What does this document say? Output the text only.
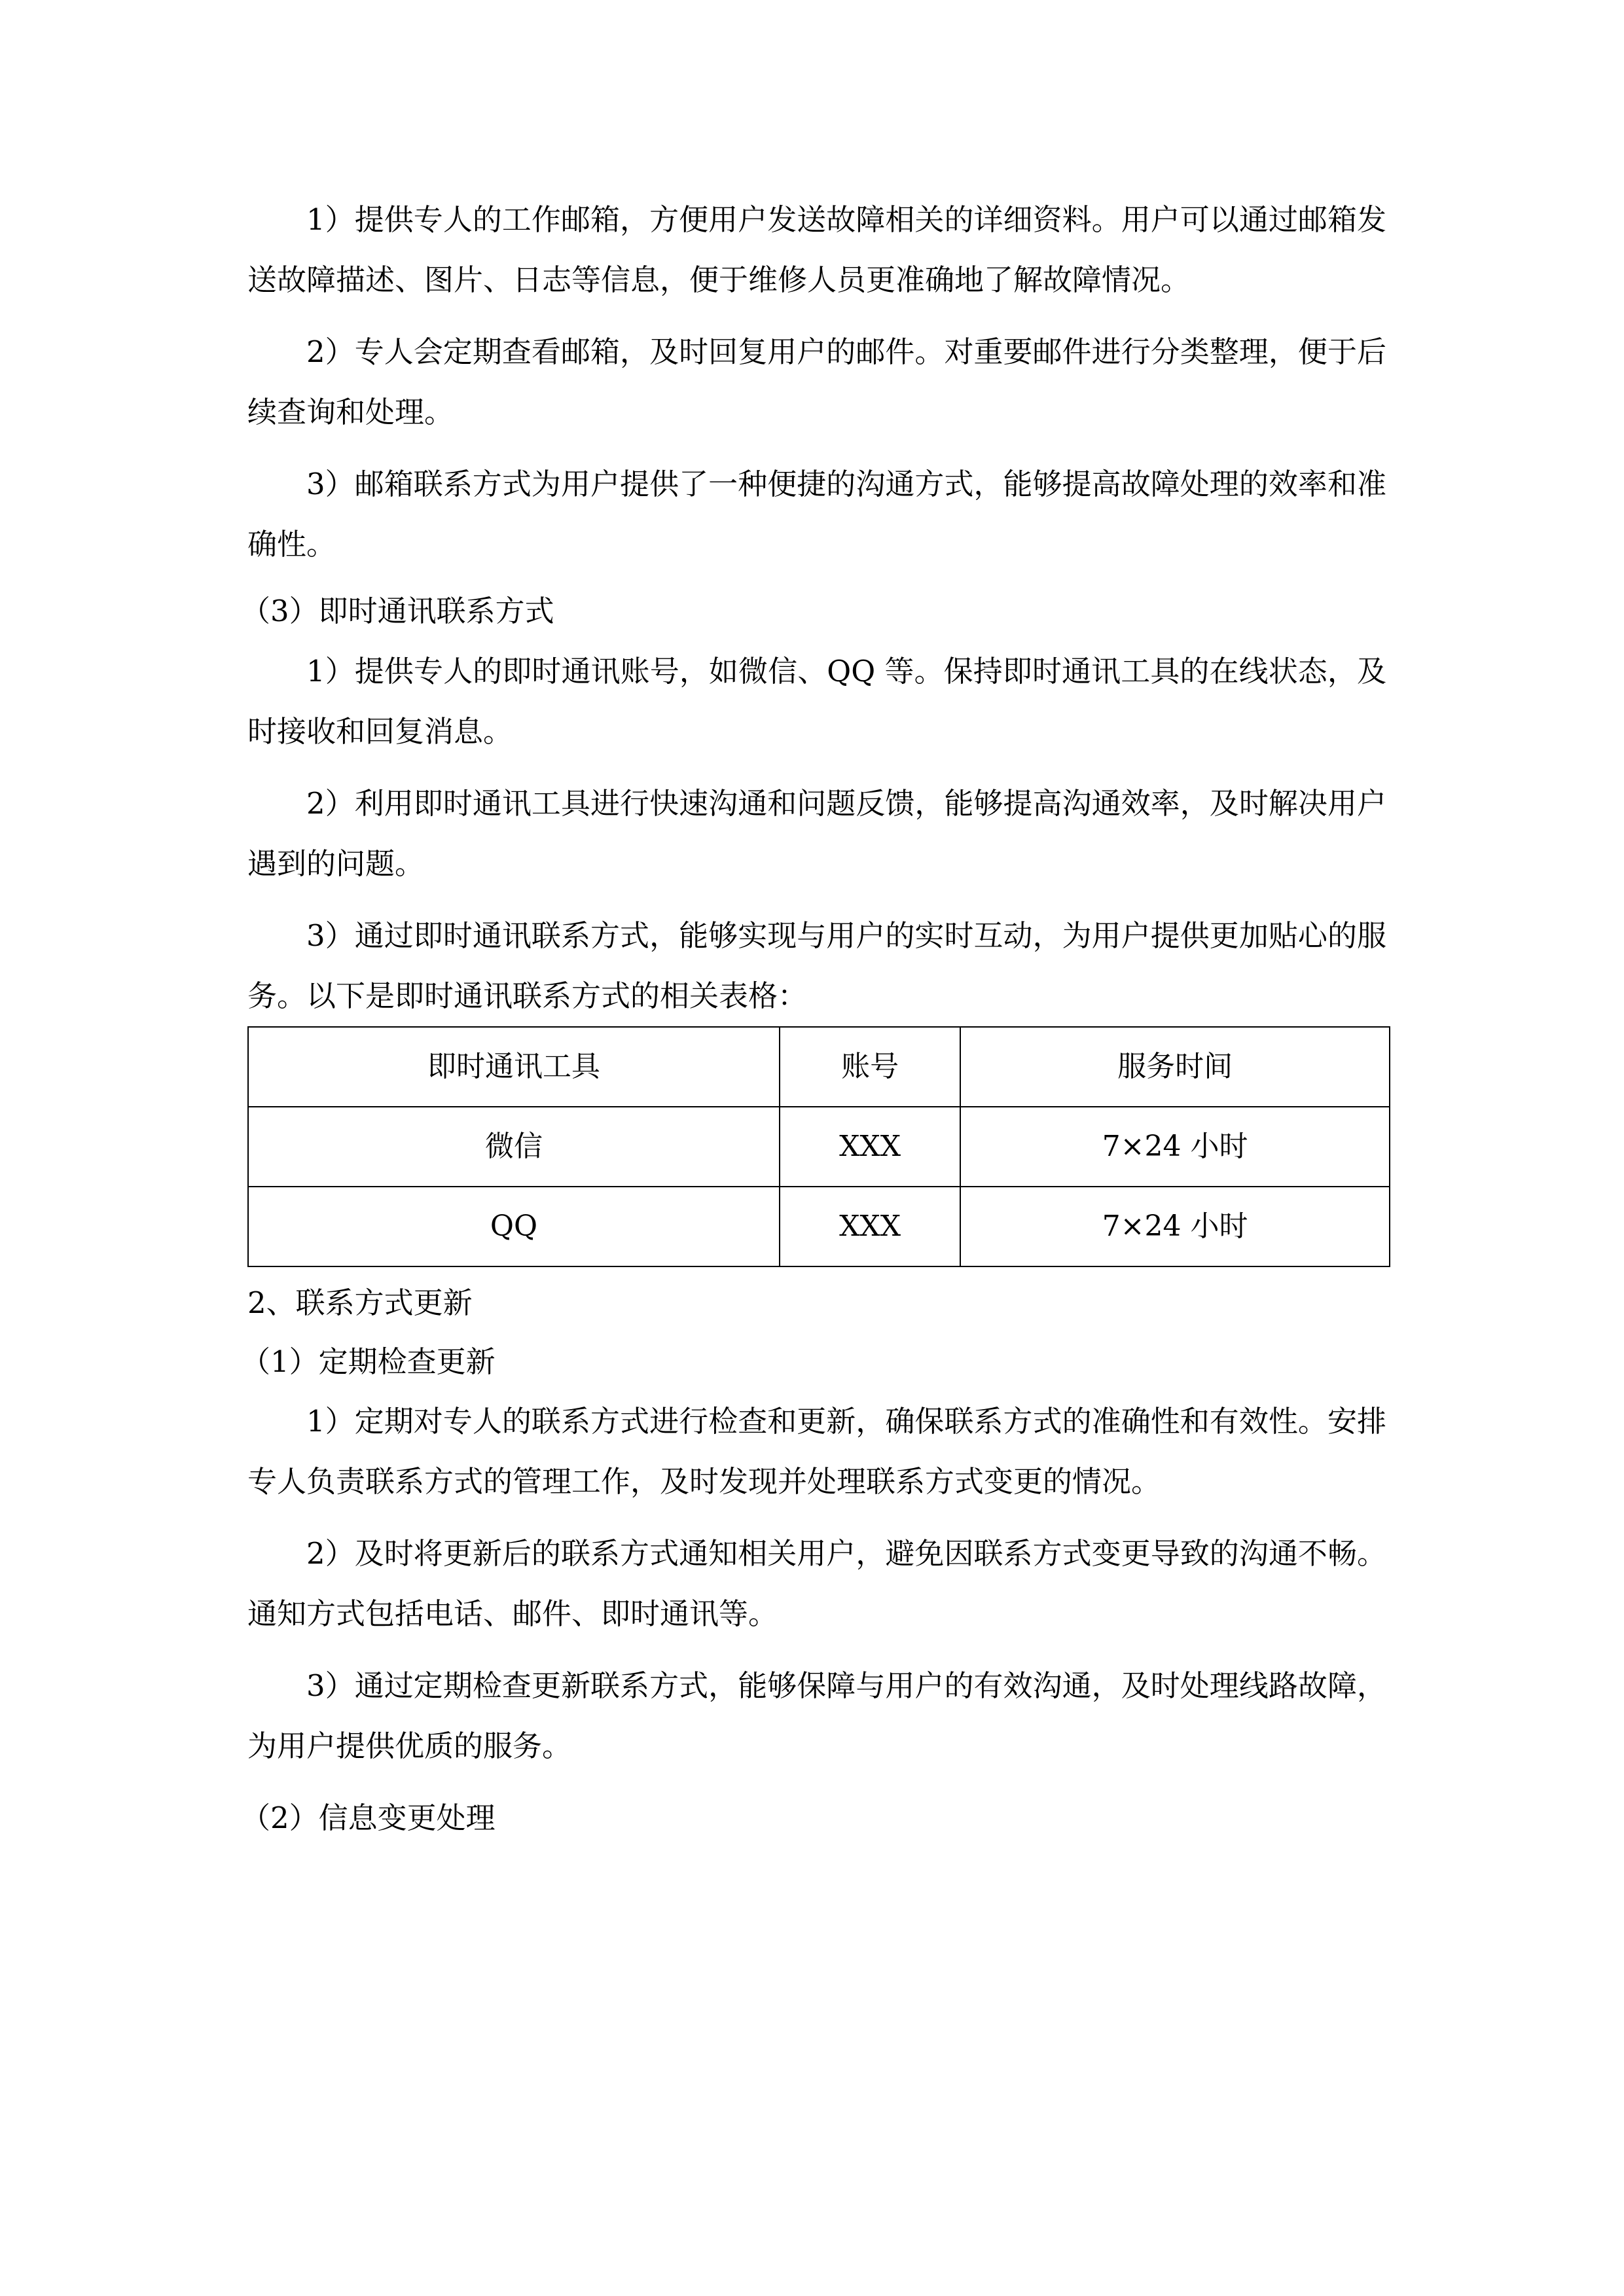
1）提供专人的工作邮箱，方便用户发送故障相关的详细资料。用户可以通过邮箱发送故障描述、图片、日志等信息，便于维修人员更准确地了解故障情况。

2）专人会定期查看邮箱，及时回复用户的邮件。对重要邮件进行分类整理，便于后续查询和处理。

3）邮箱联系方式为用户提供了一种便捷的沟通方式，能够提高故障处理的效率和准确性。

（3）即时通讯联系方式

1）提供专人的即时通讯账号，如微信、QQ 等。保持即时通讯工具的在线状态，及时接收和回复消息。

2）利用即时通讯工具进行快速沟通和问题反馈，能够提高沟通效率，及时解决用户遇到的问题。

3）通过即时通讯联系方式，能够实现与用户的实时互动，为用户提供更加贴心的服务。以下是即时通讯联系方式的相关表格：

即时通讯工具	账号	服务时间
微信	XXX	7×24 小时
QQ	XXX	7×24 小时

2、联系方式更新

（1）定期检查更新

1）定期对专人的联系方式进行检查和更新，确保联系方式的准确性和有效性。安排专人负责联系方式的管理工作，及时发现并处理联系方式变更的情况。

2）及时将更新后的联系方式通知相关用户，避免因联系方式变更导致的沟通不畅。通知方式包括电话、邮件、即时通讯等。

3）通过定期检查更新联系方式，能够保障与用户的有效沟通，及时处理线路故障，为用户提供优质的服务。

（2）信息变更处理
